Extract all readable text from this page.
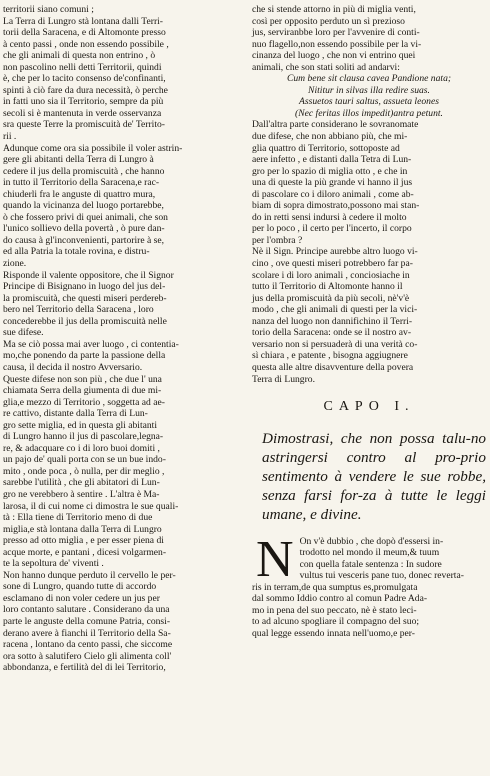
territorii siano comuni ;

La Terra di Lungro stà lontana dalli Terri-

torii della Saracena, e di Altomonte presso

à cento passi , onde non essendo possibile ,

che gli animali di questa non entrino , ò

non pascolino nelli detti Territorii, quindi

è, che per lo tacito consenso de'confinanti,

spinti à ciò fare da dura necessità, ò perche

in fatti uno sia il Territorio, sempre da più

secoli si è mantenuta in verde osservanza

sra queste Terre la promiscuità de' Territo-

rii .

Adunque come ora sia possibile il voler astrin-

gere gli abitanti della Terra di Lungro à

cedere il jus della promiscuità , che hanno

in tutto il Territorio della Saracena,e rac-

chiuderli fra le anguste di quattro mura,

quando la vicinanza del luogo portarebbe,

ò che fossero privi di quei animali, che son

l'unico sollievo della povertà , ò pure dan-

do causa à gl'inconvenienti, partorire à se,

ed alla Patria la totale rovina, e distru-

zione.

Risponde il valente oppositore, che il Signor

Principe di Bisignano in luogo del jus del-

la promiscuità, che questi miseri perdereb-

bero nel Territorio della Saracena , loro

concederebbe il jus della promiscuità nelle

sue difese.

Ma se ciò possa mai aver luogo , ci contentia-

mo,che ponendo da parte la passione della

causa, il decida il nostro Avversario.

Queste difese non son più , che due l' una

chiamata Serra della giumenta di due mi-

glia,e mezzo di Territorio , soggetta ad ae-

re cattivo, distante dalla Terra di Lun-

gro sette miglia, ed in questa gli abitanti

di Lungro hanno il jus di pascolare,legna-

re, & adacquare co i di loro buoi domiti ,

un pajo de' quali porta con se un bue indo-

mito , onde poca , ò nulla, per dir meglio ,

sarebbe l'utilità , che gli abitatori di Lun-

gro ne verebbero à sentire . L'altra è Ma-

larosa, il di cui nome ci dimostra le sue quali-

tà : Ella tiene di Territorio meno di due

miglia,e stà lontana dalla Terra di Lungro

presso ad otto miglia , e per esser piena di

acque morte, e pantani , dicesi volgarmen-

te la sepoltura de' viventi .

Non hanno dunque perduto il cervello le per-

sone di Lungro, quando tutte di accordo

esclamano di non voler cedere un jus per

loro contanto salutare . Considerano da una

parte le anguste della comune Patria, consi-

derano avere à fianchi il Territorio della Sa-

racena , lontano da cento passi, che siccome

ora sotto à salutifero Cielo gli alimenta coll'

abbondanza, e fertilità del di lei Territorio,

che si stende attorno in più di miglia venti,

così per opposito perduto un sì prezioso

jus, serviranbbe loro per l'avvenire di conti-

nuo flagello,non essendo possibile per la vi-

cinanza del luogo , che non vi entrino quei

animali, che son stati soliti ad andarvi:

Cum bene sit clausa cavea Pandione nata;

Nititur in silvas illa redire suas.

Assuetos tauri saltus, assueta leones

(Nec feritas illos impedit)antra petunt.

Dall'altra parte considerano le sovranomate

due difese, che non abbiano più, che mi-

glia quattro di Territorio, sottoposte ad

aere infetto , e distanti dalla Tetra di Lun-

gro per lo spazio di miglia otto , e che in

una di queste la più grande vi hanno il jus

di pascolare co i diloro animali , come ab-

biam di sopra dimostrato,possono mai stan-

do in retti sensi indursi à cedere il molto

per lo poco , il certo per l'incerto, il corpo

per l'ombra ?

Nè il Sign. Principe aurebbe altro luogo vi-

cino , ove questi miseri potrebbero far pa-

scolare i di loro animali , conciosiache in

tutto il Territorio di Altomonte hanno il

jus della promiscuità da più secoli, nè'v'è

modo , che gli animali di questi per la vici-

nanza del luogo non dannifichino il Terri-

torio della Saracena: onde se il nostro av-

versario non si persuaderà di una verità co-

sì chiara , e patente , bisogna aggiugnere

questa alle altre disavventure della povera

Terra di Lungro.

CAPO I.
Dimostrasi, che non possa talu-no astringersi contro al pro-prio sentimento à vendere le sue robbe, senza farsi for-za à tutte le leggi umane, e divine.
N On v'è dubbio , che dopò d'essersi in-

trodotto nel mondo il meum,& tuum

con quella fatale sentenza : In sudore

vultus tui vesceris pane tuo, donec reverta-

ris in terram,de qua sumptus es,promulgata

dal sommo Iddio contro al comun Padre Ada-

mo in pena del suo peccato, nè è stato leci-

to ad alcuno spogliare il compagno del suo;

qual legge essendo innata nell'uomo,e per-
